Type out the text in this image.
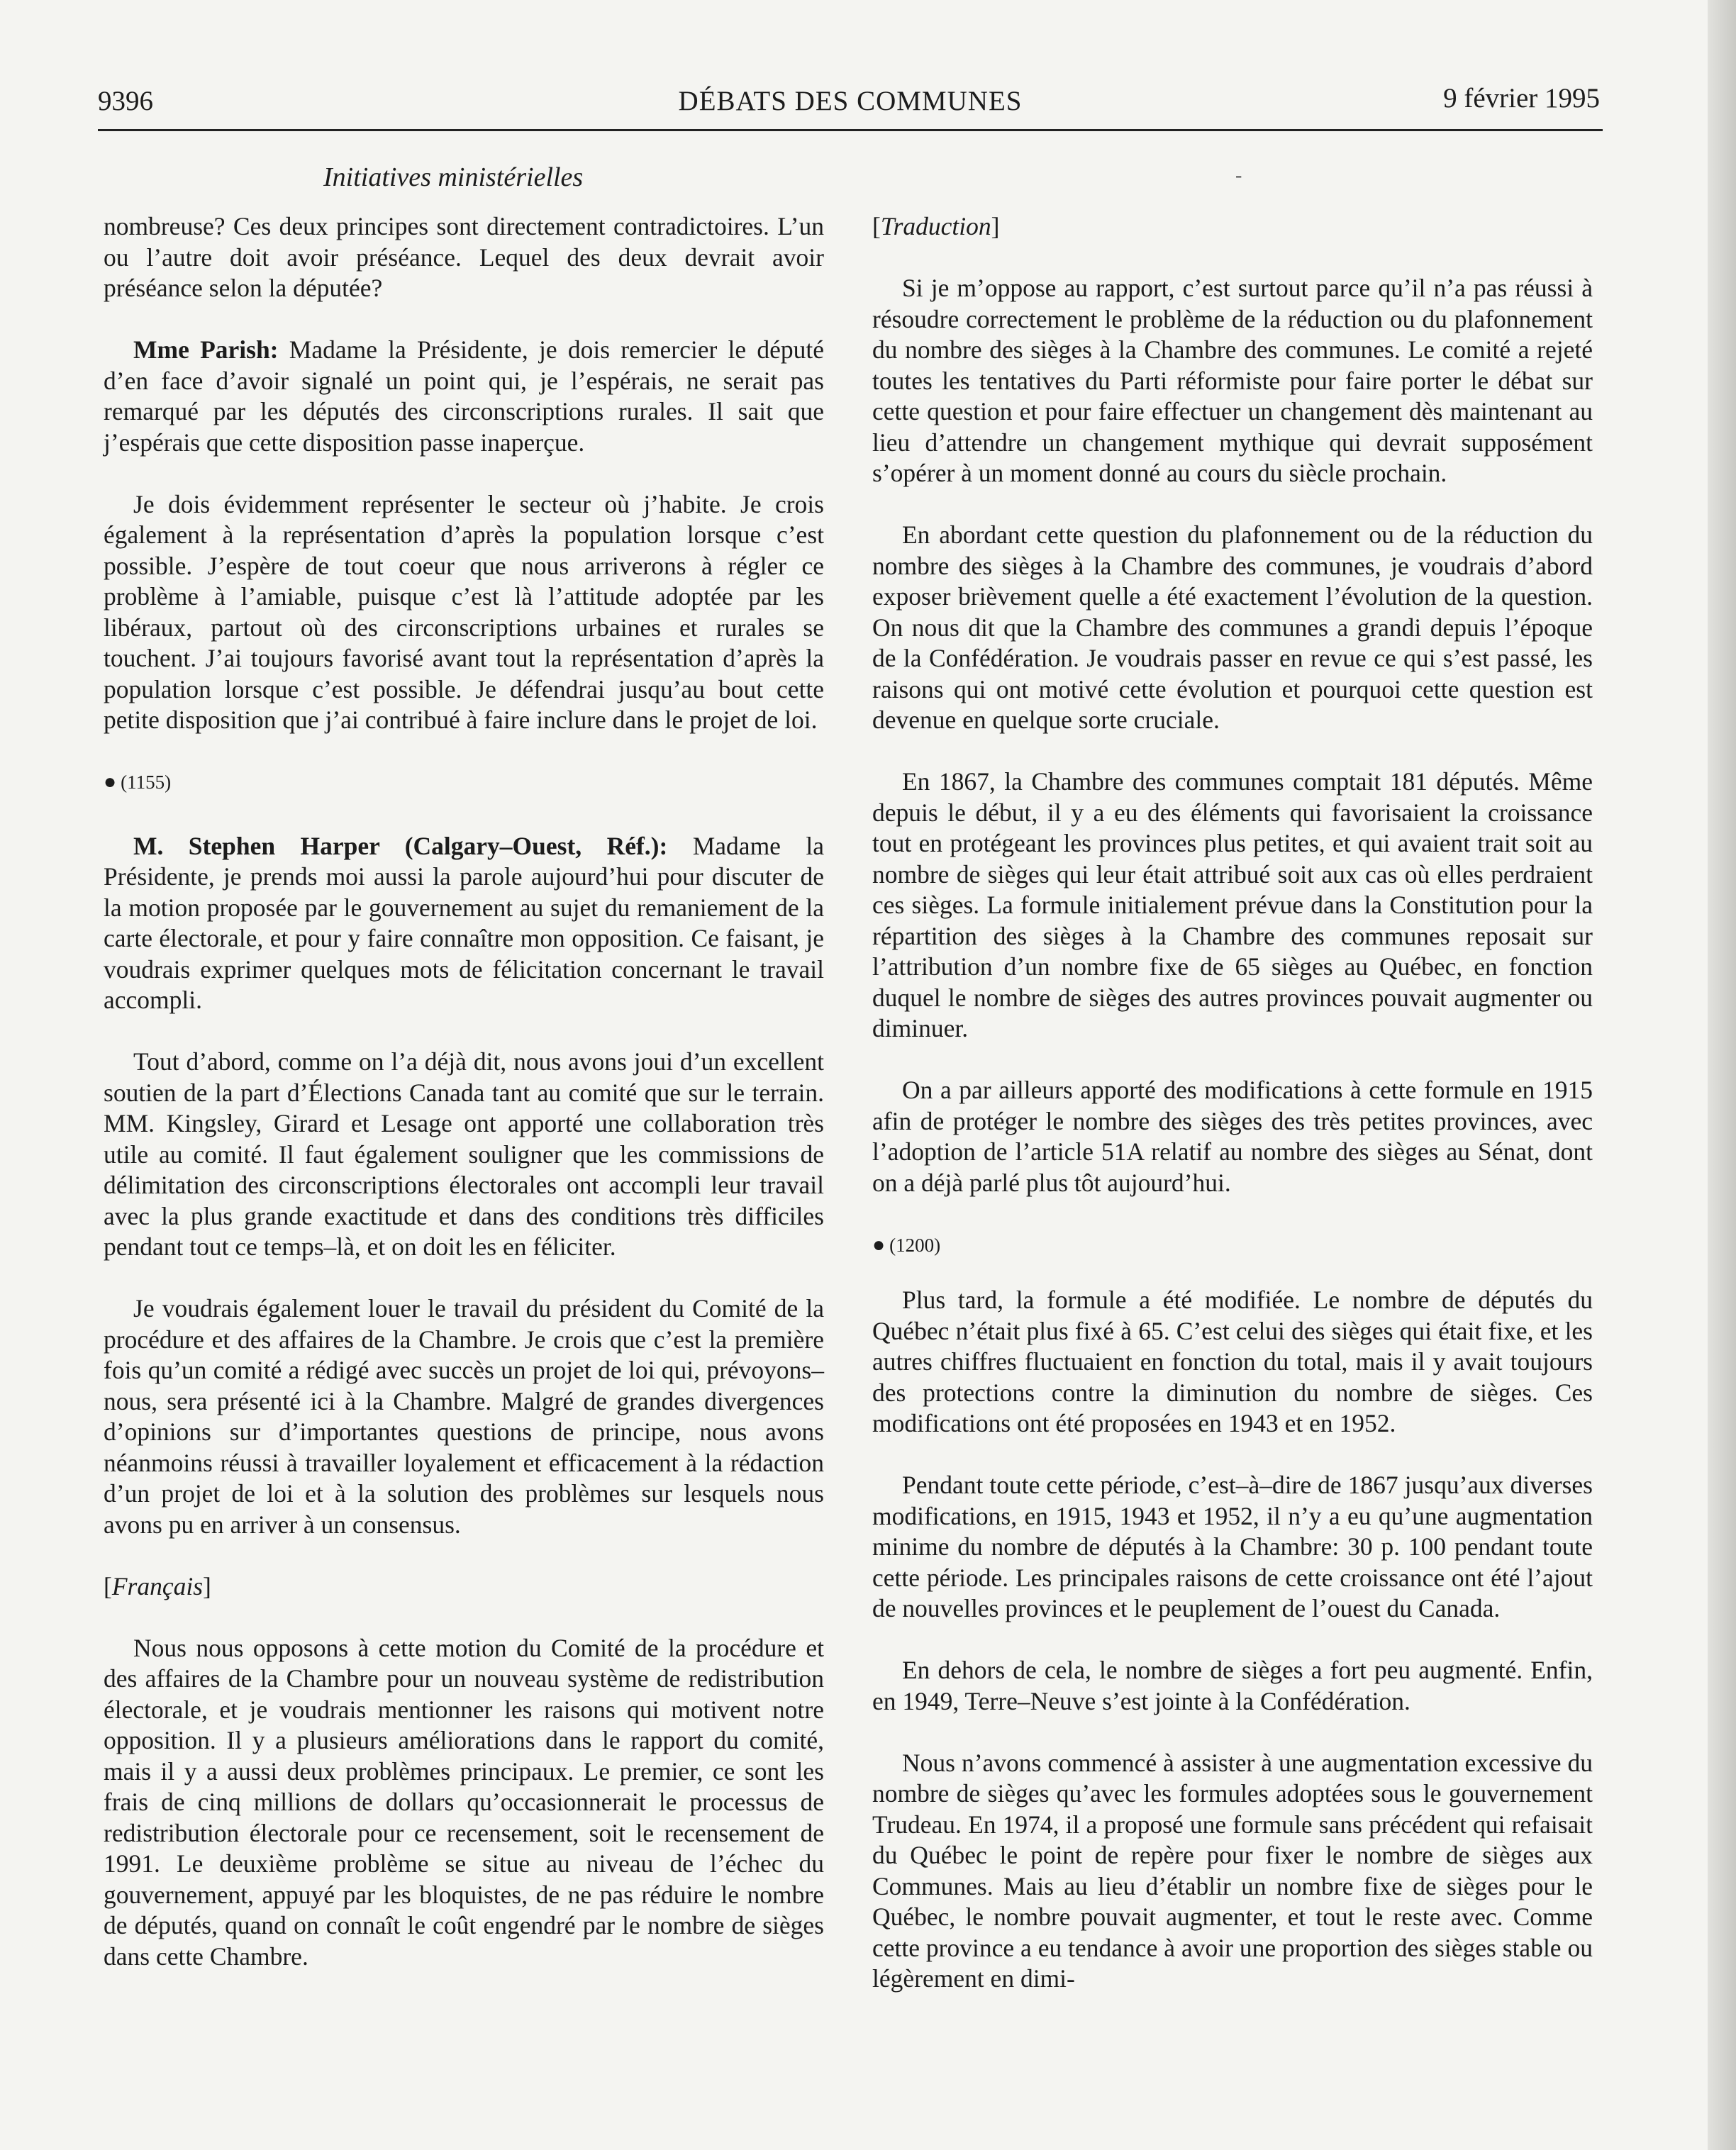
9396	DÉBATS DES COMMUNES	9 février 1995
Initiatives ministérielles	-

nombreuse? Ces deux principes sont directement contradictoires. L’un ou l’autre doit avoir préséance. Lequel des deux devrait avoir préséance selon la députée?

Mme Parish: Madame la Présidente, je dois remercier le député d’en face d’avoir signalé un point qui, je l’espérais, ne serait pas remarqué par les députés des circonscriptions rurales. Il sait que j’espérais que cette disposition passe inaperçue.

Je dois évidemment représenter le secteur où j’habite. Je crois également à la représentation d’après la population lorsque c’est possible. J’espère de tout coeur que nous arriverons à régler ce problème à l’amiable, puisque c’est là l’attitude adoptée par les libéraux, partout où des circonscriptions urbaines et rurales se touchent. J’ai toujours favorisé avant tout la représentation d’après la population lorsque c’est possible. Je défendrai jusqu’au bout cette petite disposition que j’ai contribué à faire inclure dans le projet de loi.

● (1155)

M. Stephen Harper (Calgary–Ouest, Réf.): Madame la Présidente, je prends moi aussi la parole aujourd’hui pour discuter de la motion proposée par le gouvernement au sujet du remaniement de la carte électorale, et pour y faire connaître mon opposition. Ce faisant, je voudrais exprimer quelques mots de félicitation concernant le travail accompli.

Tout d’abord, comme on l’a déjà dit, nous avons joui d’un excellent soutien de la part d’Élections Canada tant au comité que sur le terrain. MM. Kingsley, Girard et Lesage ont apporté une collaboration très utile au comité. Il faut également souligner que les commissions de délimitation des circonscriptions électorales ont accompli leur travail avec la plus grande exactitude et dans des conditions très difficiles pendant tout ce temps–là, et on doit les en féliciter.

Je voudrais également louer le travail du président du Comité de la procédure et des affaires de la Chambre. Je crois que c’est la première fois qu’un comité a rédigé avec succès un projet de loi qui, prévoyons–nous, sera présenté ici à la Chambre. Malgré de grandes divergences d’opinions sur d’importantes questions de principe, nous avons néanmoins réussi à travailler loyalement et efficacement à la rédaction d’un projet de loi et à la solution des problèmes sur lesquels nous avons pu en arriver à un consensus.

[Français]

Nous nous opposons à cette motion du Comité de la procédure et des affaires de la Chambre pour un nouveau système de redistribution électorale, et je voudrais mentionner les raisons qui motivent notre opposition. Il y a plusieurs améliorations dans le rapport du comité, mais il y a aussi deux problèmes principaux. Le premier, ce sont les frais de cinq millions de dollars qu’occasionnerait le processus de redistribution électorale pour ce recensement, soit le recensement de 1991. Le deuxième problème se situe au niveau de l’échec du gouvernement, appuyé par les bloquistes, de ne pas réduire le nombre de députés, quand on connaît le coût engendré par le nombre de sièges dans cette Chambre.

[Traduction]

Si je m’oppose au rapport, c’est surtout parce qu’il n’a pas réussi à résoudre correctement le problème de la réduction ou du plafonnement du nombre des sièges à la Chambre des communes. Le comité a rejeté toutes les tentatives du Parti réformiste pour faire porter le débat sur cette question et pour faire effectuer un changement dès maintenant au lieu d’attendre un changement mythique qui devrait supposément s’opérer à un moment donné au cours du siècle prochain.

En abordant cette question du plafonnement ou de la réduction du nombre des sièges à la Chambre des communes, je voudrais d’abord exposer brièvement quelle a été exactement l’évolution de la question. On nous dit que la Chambre des communes a grandi depuis l’époque de la Confédération. Je voudrais passer en revue ce qui s’est passé, les raisons qui ont motivé cette évolution et pourquoi cette question est devenue en quelque sorte cruciale.

En 1867, la Chambre des communes comptait 181 députés. Même depuis le début, il y a eu des éléments qui favorisaient la croissance tout en protégeant les provinces plus petites, et qui avaient trait soit au nombre de sièges qui leur était attribué soit aux cas où elles perdraient ces sièges. La formule initialement prévue dans la Constitution pour la répartition des sièges à la Chambre des communes reposait sur l’attribution d’un nombre fixe de 65 sièges au Québec, en fonction duquel le nombre de sièges des autres provinces pouvait augmenter ou diminuer.

On a par ailleurs apporté des modifications à cette formule en 1915 afin de protéger le nombre des sièges des très petites provinces, avec l’adoption de l’article 51A relatif au nombre des sièges au Sénat, dont on a déjà parlé plus tôt aujourd’hui.

● (1200)

Plus tard, la formule a été modifiée. Le nombre de députés du Québec n’était plus fixé à 65. C’est celui des sièges qui était fixe, et les autres chiffres fluctuaient en fonction du total, mais il y avait toujours des protections contre la diminution du nombre de sièges. Ces modifications ont été proposées en 1943 et en 1952.

Pendant toute cette période, c’est–à–dire de 1867 jusqu’aux diverses modifications, en 1915, 1943 et 1952, il n’y a eu qu’une augmentation minime du nombre de députés à la Chambre: 30 p. 100 pendant toute cette période. Les principales raisons de cette croissance ont été l’ajout de nouvelles provinces et le peuplement de l’ouest du Canada.

En dehors de cela, le nombre de sièges a fort peu augmenté. Enfin, en 1949, Terre–Neuve s’est jointe à la Confédération.

Nous n’avons commencé à assister à une augmentation excessive du nombre de sièges qu’avec les formules adoptées sous le gouvernement Trudeau. En 1974, il a proposé une formule sans précédent qui refaisait du Québec le point de repère pour fixer le nombre de sièges aux Communes. Mais au lieu d’établir un nombre fixe de sièges pour le Québec, le nombre pouvait augmenter, et tout le reste avec. Comme cette province a eu tendance à avoir une proportion des sièges stable ou légèrement en dimi-
